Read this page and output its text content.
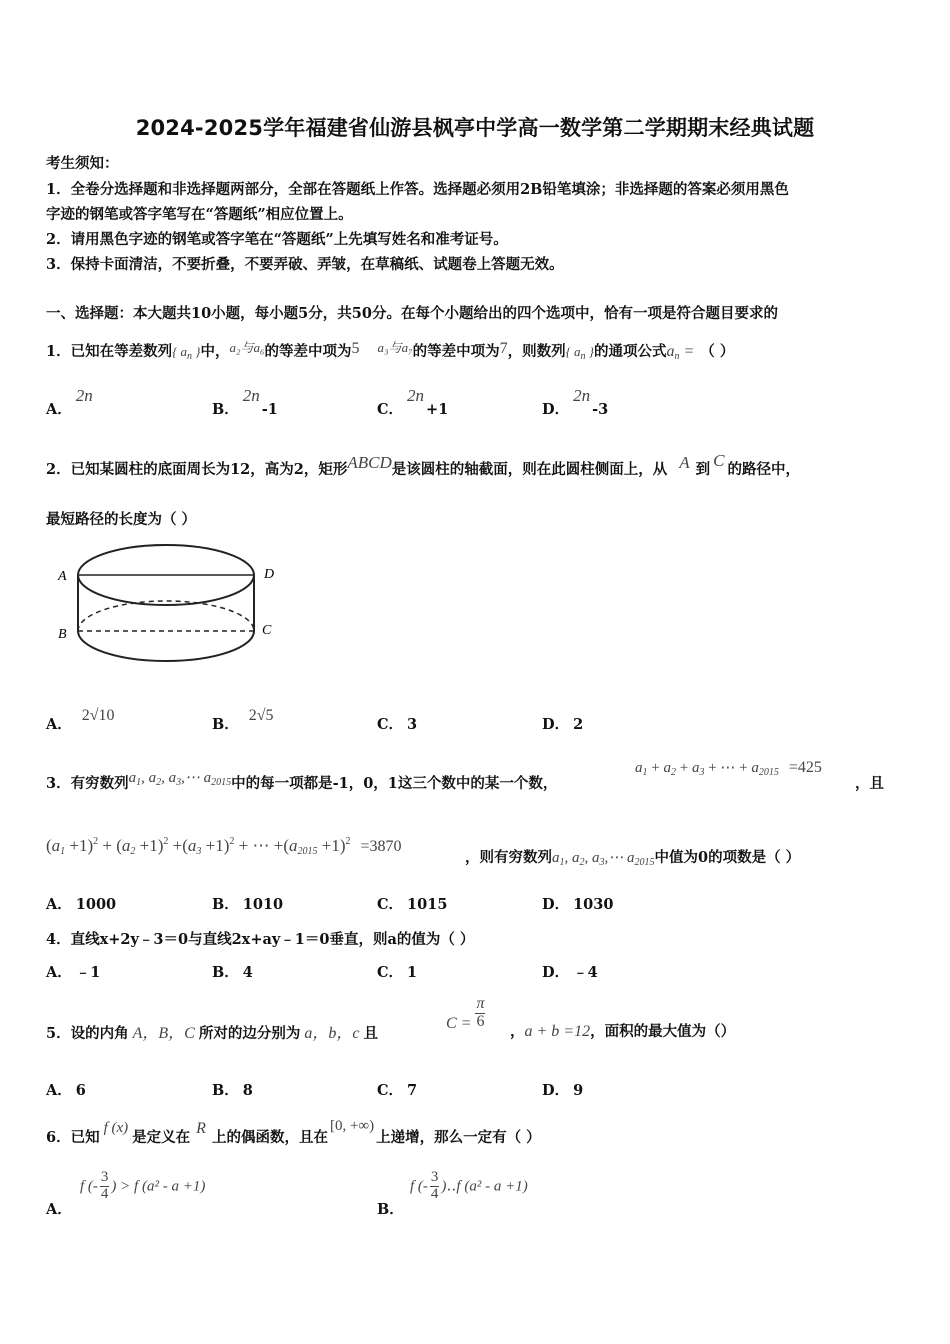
2024-2025学年福建省仙游县枫亭中学高一数学第二学期期末经典试题
考生须知：
1．全卷分选择题和非选择题两部分，全部在答题纸上作答。选择题必须用2B铅笔填涂；非选择题的答案必须用黑色
字迹的钢笔或答字笔写在“答题纸”相应位置上。
2．请用黑色字迹的钢笔或答字笔在“答题纸”上先填写姓名和准考证号。
3．保持卡面清洁，不要折叠，不要弄破、弄皱，在草稿纸、试题卷上答题无效。
一、选择题：本大题共10小题，每小题5分，共50分。在每个小题给出的四个选项中，恰有一项是符合题目要求的
1．已知在等差数列{ $a_n$ }中，a₂与a₆的等差中项为5 a₃与a₇的等差中项为7，则数列{ $a_n$ }的通项公式$a_n$ = （ ）
A．2n
B．2n-1	C．2n+1	D．2n-3
2．已知某圆柱的底面周长为12，高为2，矩形ABCD是该圆柱的轴截面，则在此圆柱侧面上，从 A 到 C 的路径中，
最短路径的长度为（ ）
A	D
B	C
A．2√10
B．2√5
C． 3	D． 2
3．有穷数列$a_1$, $a_2$, $a_3,\cdots$ $a_{2015}$中的每一项都是-1，0，1这三个数中的某一个数，
$a_1 + a_2 + a_3$ + ⋯ + $a_{2015} =425$
，且
$(a_1 +1)^2 + (a_2 +1)^2 +(a_3 +1)^2$ + ⋯ $+(a_{2015} +1)^2 =3870$
，则有穷数列$a_1$, $a_2$, $a_3,\cdots$ $a_{2015}$中值为0的项数是（ ）
A． 1000	B． 1010	C． 1015	D． 1030
4．直线x+2y﹣3＝0与直线2x+ay﹣1＝0垂直，则a的值为（ ）
A． ﹣1	B． 4	C． 1	D． ﹣4
5．设的内角 A，B，C 所对的边分别为 a，b，c 且
$C = \frac{\pi}{6}$
，a + b =12，面积的最大值为（）
A． 6	B． 8	C． 7	D． 9
6．已知f (x)是定义在R上的偶函数，且在[0, +∞)上递增，那么一定有（ ）
A．
f (- $\frac{3}{4}$ ) > f (a² - a +1)
B．
f (- $\frac{3}{4}$ )‥f (a² - a +1)
